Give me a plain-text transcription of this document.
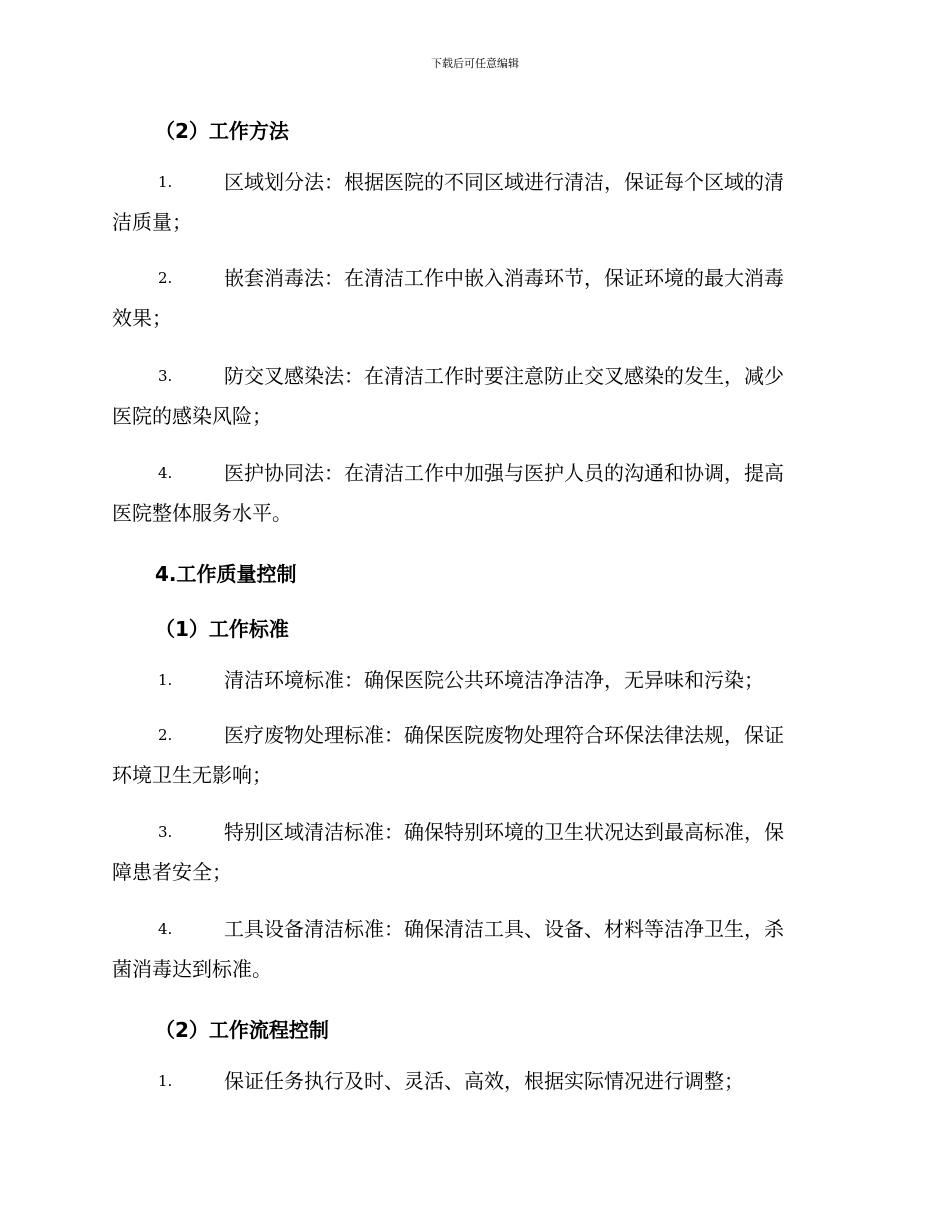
下载后可任意编辑
（2）工作方法
1.	区域划分法：根据医院的不同区域进行清洁，保证每个区域的清
洁质量；
2.	嵌套消毒法：在清洁工作中嵌入消毒环节，保证环境的最大消毒
效果；
3.	防交叉感染法：在清洁工作时要注意防止交叉感染的发生，减少
医院的感染风险；
4.	医护协同法：在清洁工作中加强与医护人员的沟通和协调，提高
医院整体服务水平。
4.工作质量控制
（1）工作标准
1.	清洁环境标准：确保医院公共环境洁净洁净，无异味和污染；
2.	医疗废物处理标准：确保医院废物处理符合环保法律法规，保证
环境卫生无影响；
3.	特别区域清洁标准：确保特别环境的卫生状况达到最高标准，保
障患者安全；
4.	工具设备清洁标准：确保清洁工具、设备、材料等洁净卫生，杀
菌消毒达到标准。
（2）工作流程控制
1.	保证任务执行及时、灵活、高效，根据实际情况进行调整；
